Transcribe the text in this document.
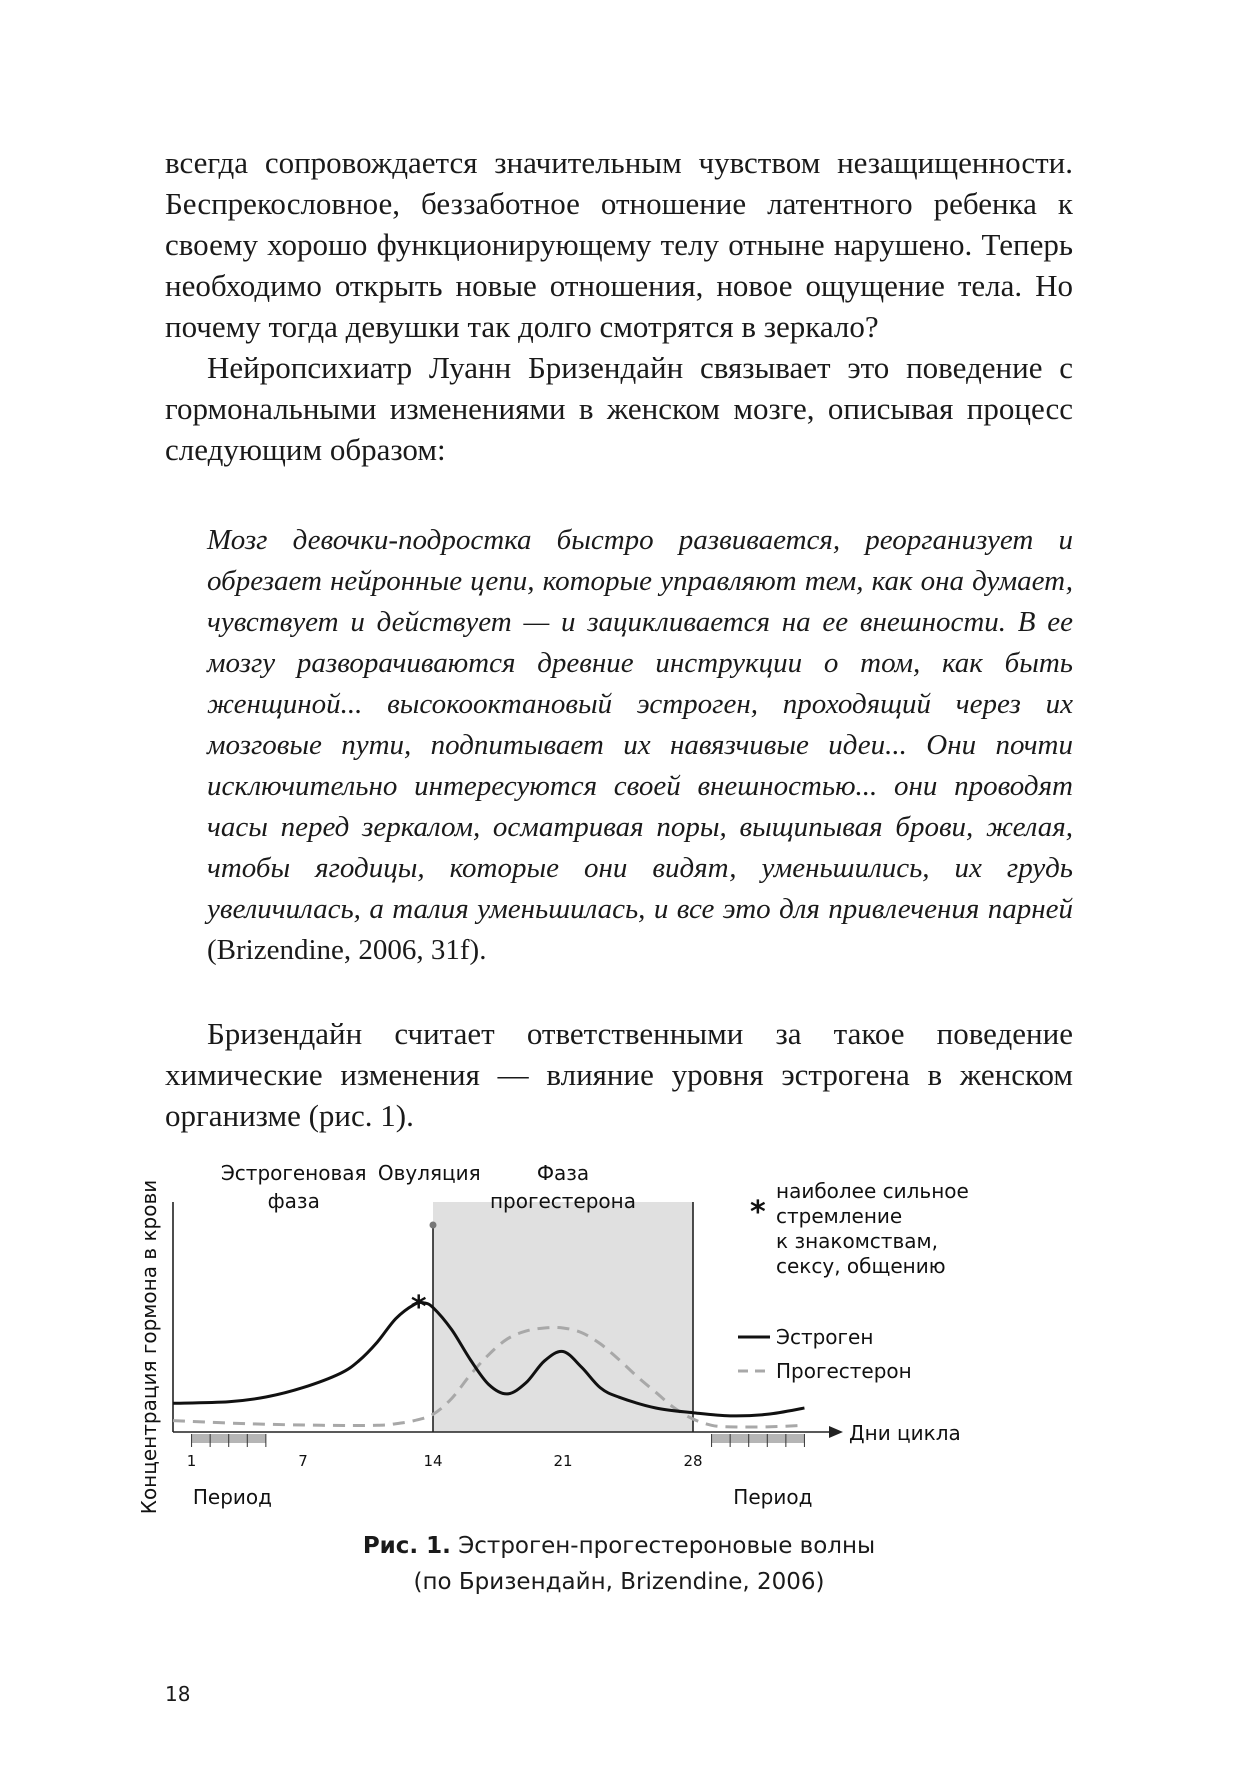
всегда сопровождается значительным чувством незащищенности. Беспрекословное, беззаботное отношение латентного ребенка к своему хорошо функционирующему телу отныне нарушено. Теперь необходимо открыть новые отношения, новое ощущение тела. Но почему тогда девушки так долго смотрятся в зеркало?

Нейропсихиатр Луанн Бризендайн связывает это поведение с гормональными изменениями в женском мозге, описывая процесс следующим образом:

Мозг девочки-подростка быстро развивается, реорганизует и обрезает нейронные цепи, которые управляют тем, как она думает, чувствует и действует — и зацикливается на ее внешности. В ее мозгу разворачиваются древние инструкции о том, как быть женщиной... высокооктановый эстроген, проходящий через их мозговые пути, подпитывает их навязчивые идеи... Они почти исключительно интересуются своей внешностью... они проводят часы перед зеркалом, осматривая поры, выщипывая брови, желая, чтобы ягодицы, которые они видят, уменьшились, их грудь увеличилась, а талия уменьшилась, и все это для привлечения парней (Brizendine, 2006, 31f).

Бризендайн считает ответственными за такое поведение химические изменения — влияние уровня эстрогена в женском организме (рис. 1).

1	7	14	21	28
*
Концентрация гормона в крови	Дни цикла
Эстрогеновая
фаза
Овуляция	Фаза
прогестерона	*
наиболее сильное
стремление
к знакомствам,
сексу, общению
Эстроген
Прогестерон
Период	Период
Рис. 1. Эстроген-прогестероновые волны
(по Бризендайн, Brizendine, 2006)
18
